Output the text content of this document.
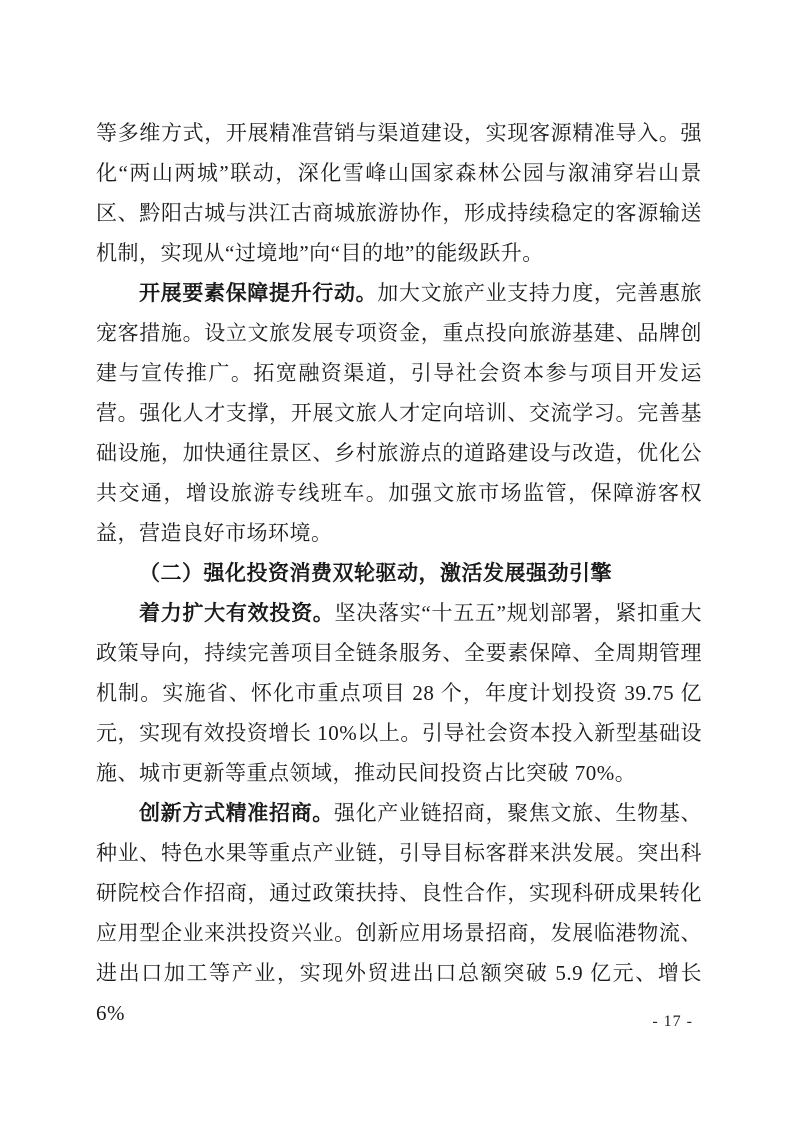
等多维方式，开展精准营销与渠道建设，实现客源精准导入。强化“两山两城”联动，深化雪峰山国家森林公园与溆浦穿岩山景区、黔阳古城与洪江古商城旅游协作，形成持续稳定的客源输送机制，实现从“过境地”向“目的地”的能级跃升。

开展要素保障提升行动。加大文旅产业支持力度，完善惠旅宠客措施。设立文旅发展专项资金，重点投向旅游基建、品牌创建与宣传推广。拓宽融资渠道，引导社会资本参与项目开发运营。强化人才支撑，开展文旅人才定向培训、交流学习。完善基础设施，加快通往景区、乡村旅游点的道路建设与改造，优化公共交通，增设旅游专线班车。加强文旅市场监管，保障游客权益，营造良好市场环境。

（二）强化投资消费双轮驱动，激活发展强劲引擎

着力扩大有效投资。坚决落实“十五五”规划部署，紧扣重大政策导向，持续完善项目全链条服务、全要素保障、全周期管理机制。实施省、怀化市重点项目 28 个，年度计划投资 39.75 亿元，实现有效投资增长 10%以上。引导社会资本投入新型基础设施、城市更新等重点领域，推动民间投资占比突破 70%。

创新方式精准招商。强化产业链招商，聚焦文旅、生物基、种业、特色水果等重点产业链，引导目标客群来洪发展。突出科研院校合作招商，通过政策扶持、良性合作，实现科研成果转化应用型企业来洪投资兴业。创新应用场景招商，发展临港物流、进出口加工等产业，实现外贸进出口总额突破 5.9 亿元、增长 6%	- 17 -
